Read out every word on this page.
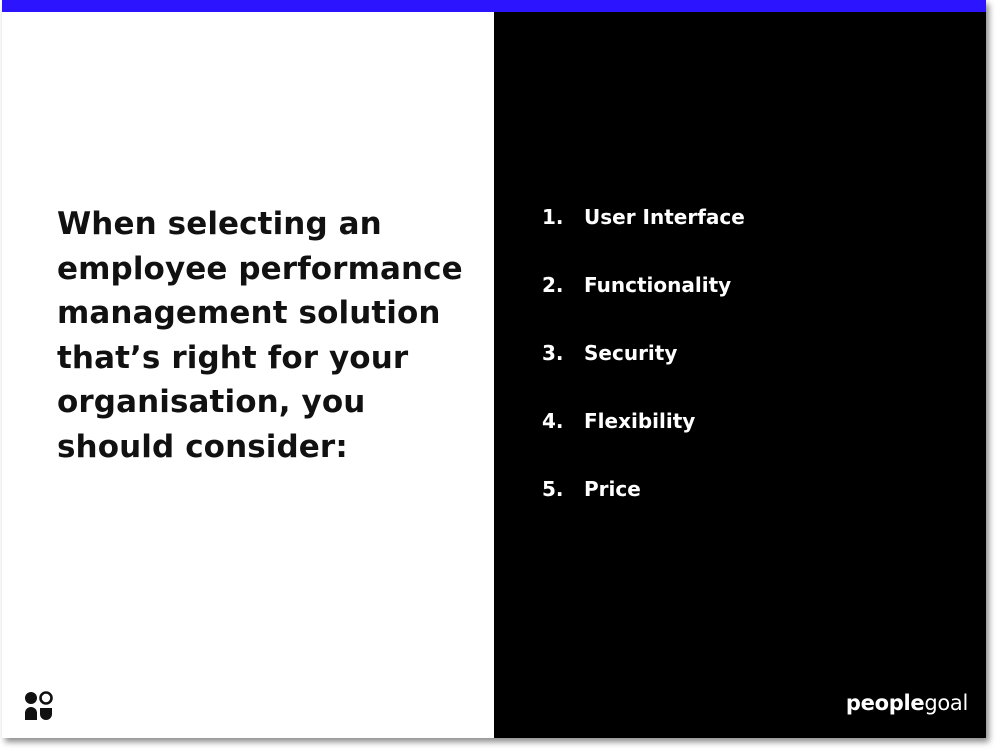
When selecting an
employee performance
management solution
that’s right for your
organisation, you
should consider:
1. User Interface
2. Functionality
3. Security
4. Flexibility
5. Price
peoplegoal
